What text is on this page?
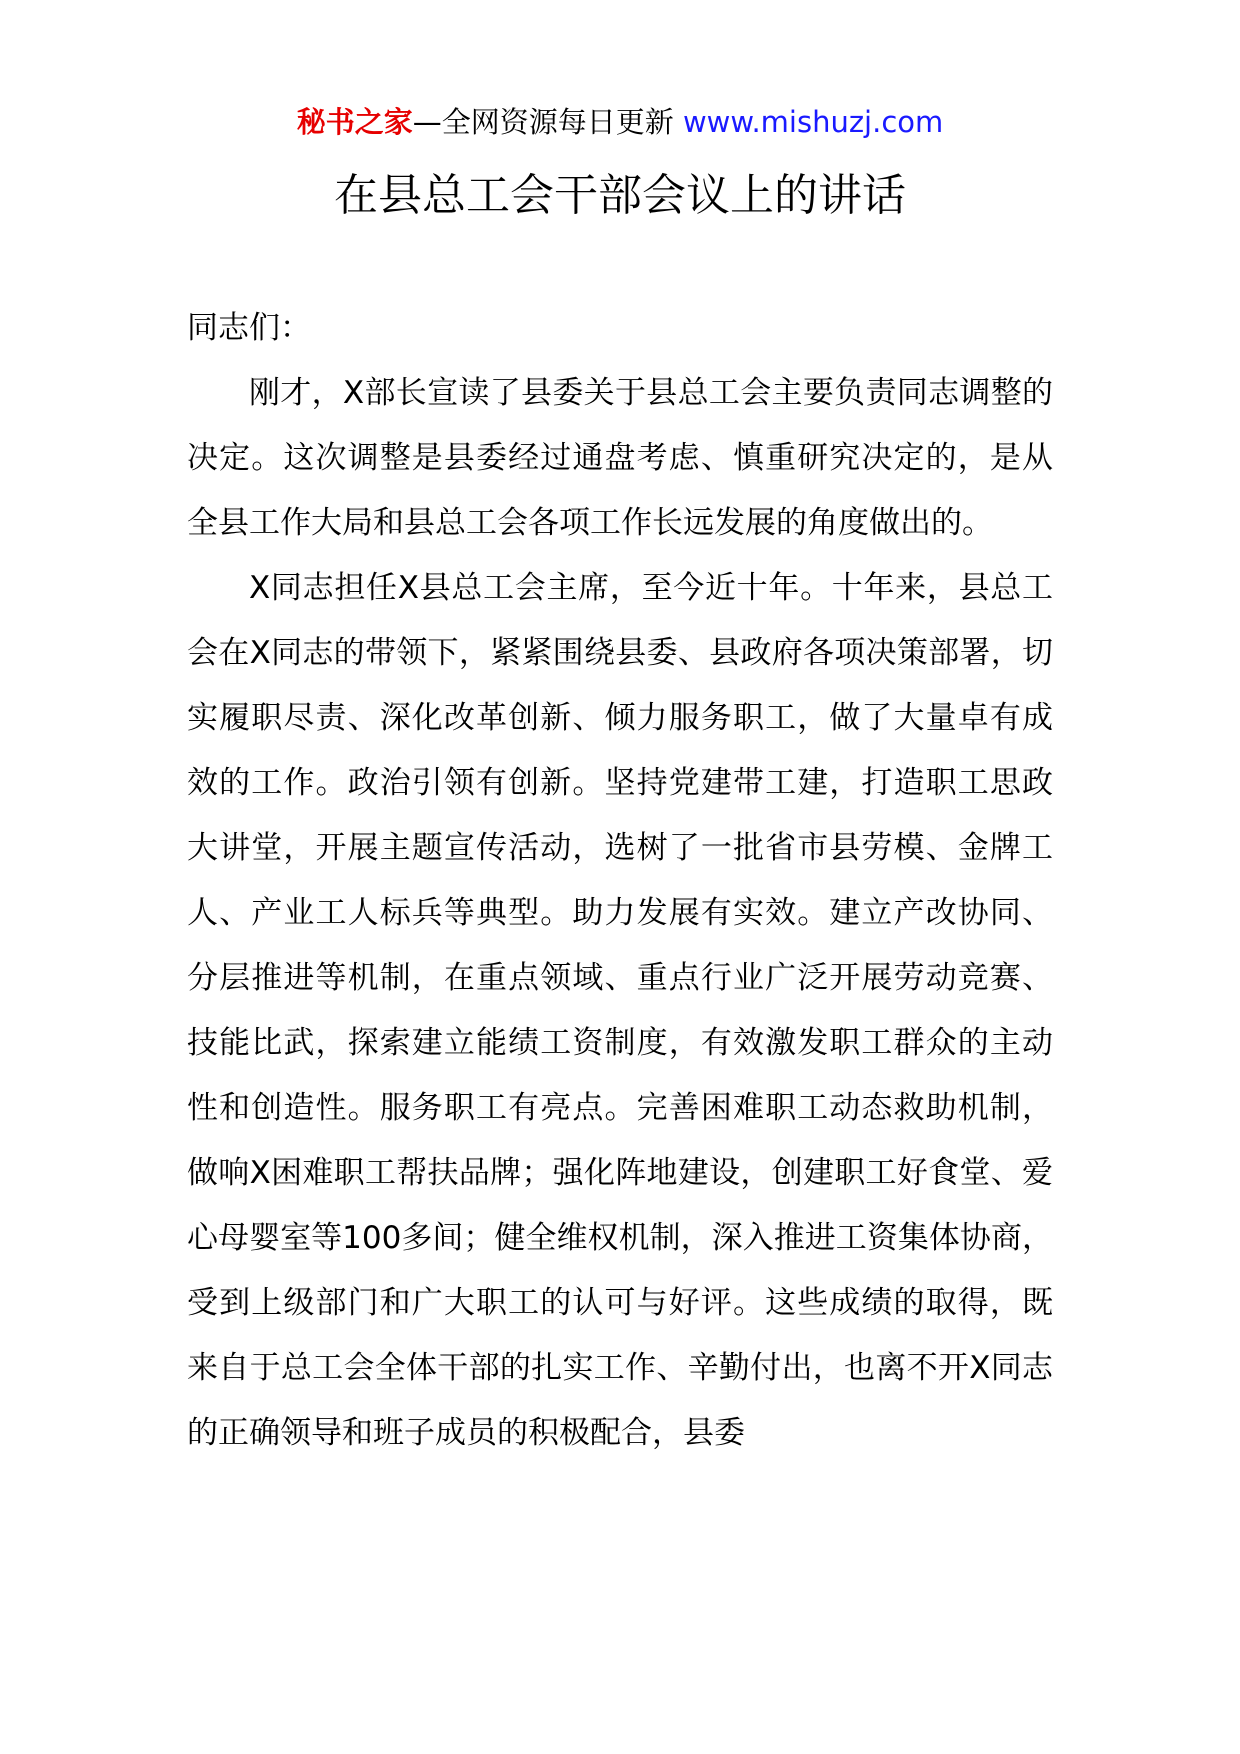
秘书之家—全网资源每日更新 www.mishuzj.com
在县总工会干部会议上的讲话

同志们：

刚才，X部长宣读了县委关于县总工会主要负责同志调整的决定。这次调整是县委经过通盘考虑、慎重研究决定的，是从全县工作大局和县总工会各项工作长远发展的角度做出的。

X同志担任X县总工会主席，至今近十年。十年来，县总工会在X同志的带领下，紧紧围绕县委、县政府各项决策部署，切实履职尽责、深化改革创新、倾力服务职工，做了大量卓有成效的工作。政治引领有创新。坚持党建带工建，打造职工思政大讲堂，开展主题宣传活动，选树了一批省市县劳模、金牌工人、产业工人标兵等典型。助力发展有实效。建立产改协同、分层推进等机制，在重点领域、重点行业广泛开展劳动竞赛、技能比武，探索建立能绩工资制度，有效激发职工群众的主动性和创造性。服务职工有亮点。完善困难职工动态救助机制，做响X困难职工帮扶品牌；强化阵地建设，创建职工好食堂、爱心母婴室等100多间；健全维权机制，深入推进工资集体协商，受到上级部门和广大职工的认可与好评。这些成绩的取得，既来自于总工会全体干部的扎实工作、辛勤付出，也离不开X同志的正确领导和班子成员的积极配合，县委
